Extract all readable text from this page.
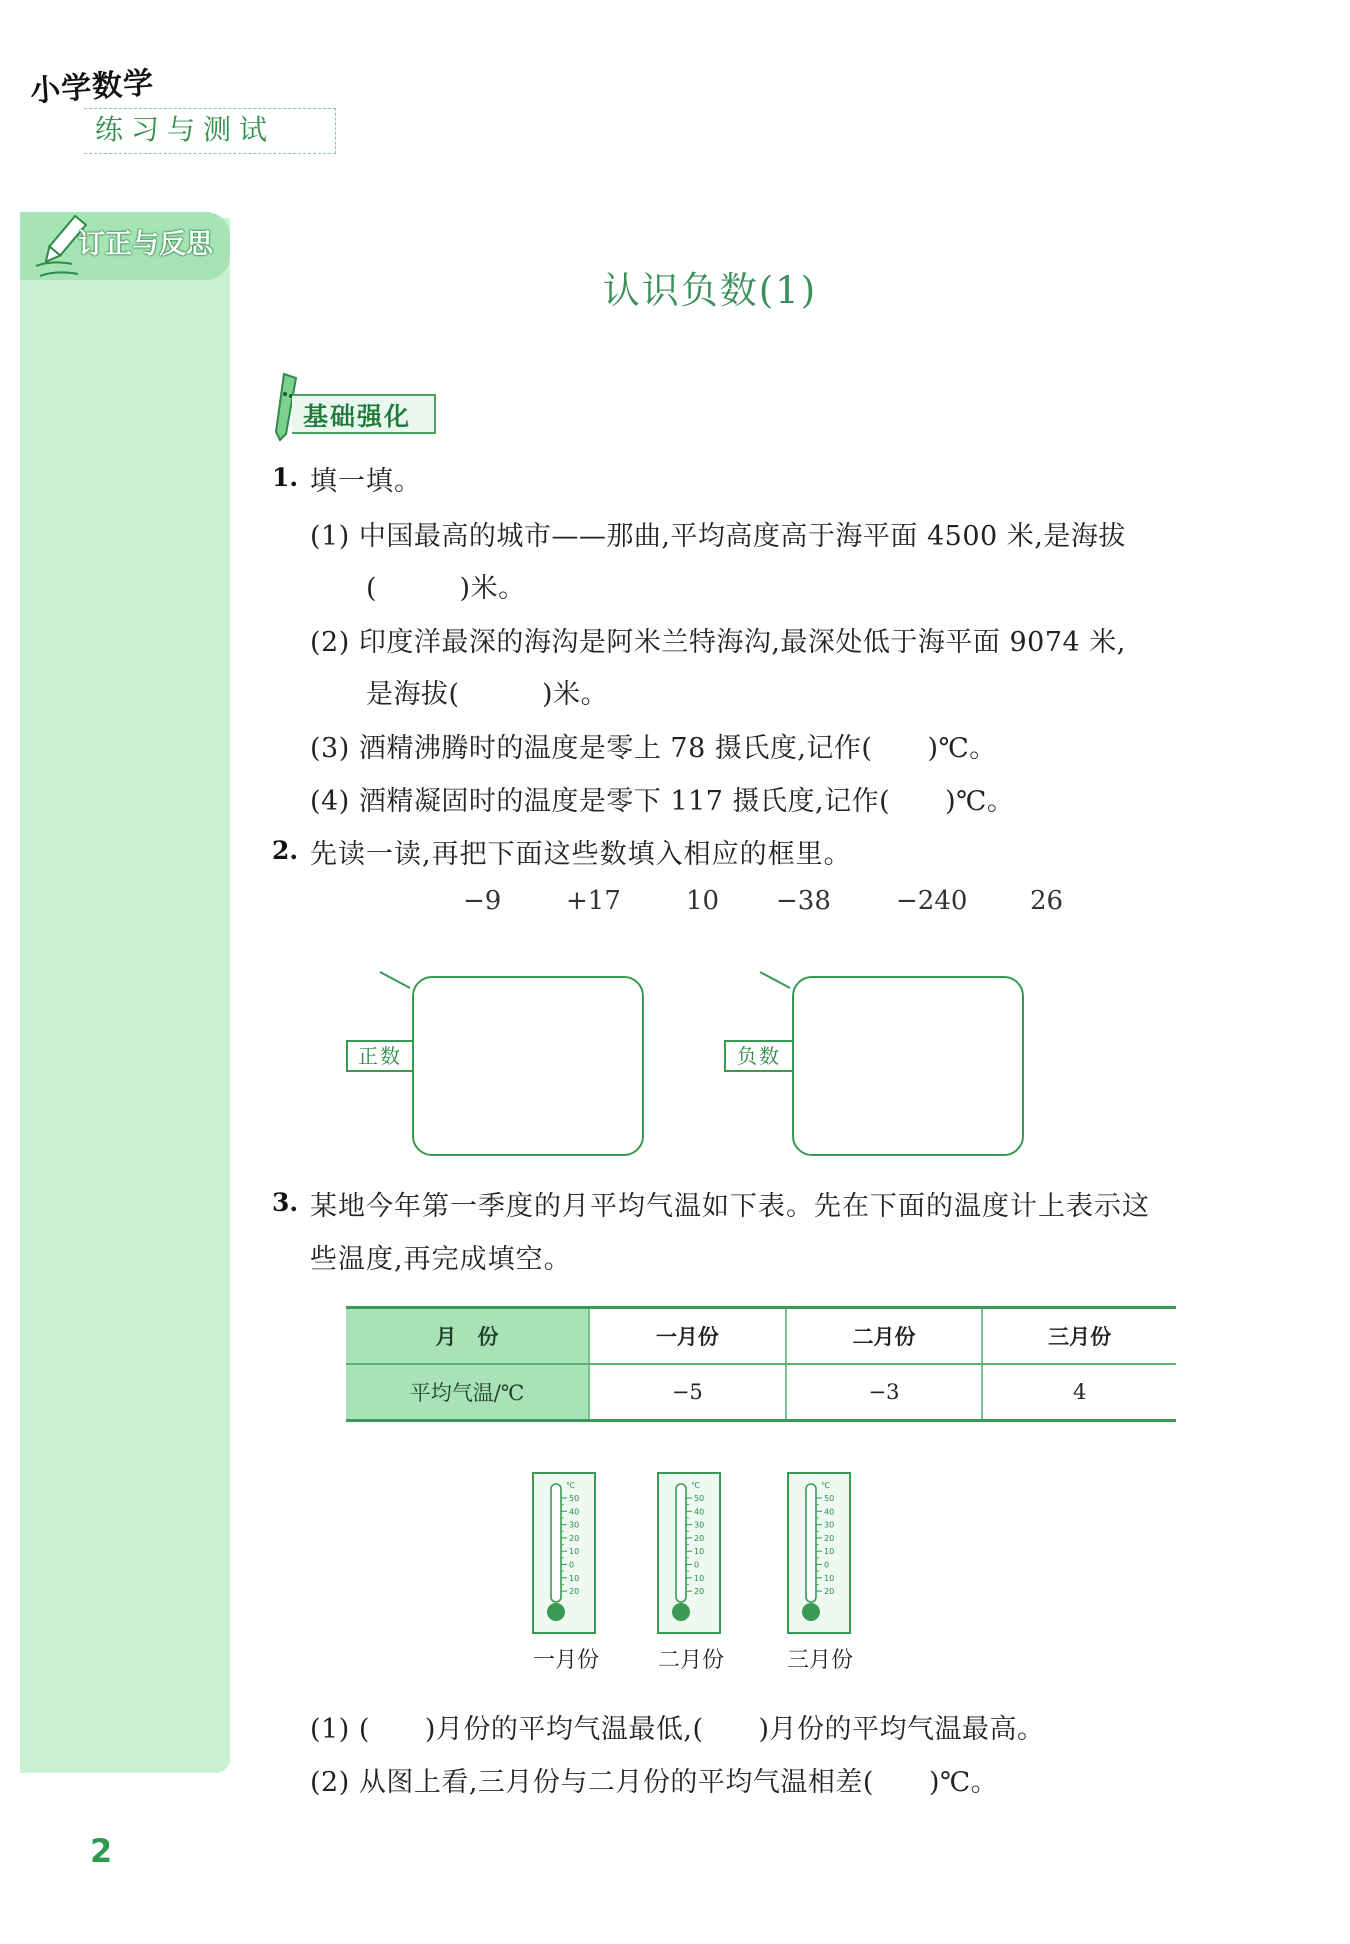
小学数学
练习与测试
订正与反思
认识负数(1)
基础强化
1. 填一填。
(1) 中国最高的城市——那曲,平均高度高于海平面 4500 米,是海拔
(　　　)米。
(2) 印度洋最深的海沟是阿米兰特海沟,最深处低于海平面 9074 米,
是海拔(　　　)米。
(3) 酒精沸腾时的温度是零上 78 摄氏度,记作(　　)℃。
(4) 酒精凝固时的温度是零下 117 摄氏度,记作(　　)℃。
2. 先读一读,再把下面这些数填入相应的框里。
−9 +17	10 −38	−240 26
正数	负数
3. 某地今年第一季度的月平均气温如下表。先在下面的温度计上表示这
些温度,再完成填空。
月　份	一月份	二月份	三月份
平均气温/℃	−5	−3	4
℃
50
40
30
20
10
0
10
20
℃
50
40
30
20
10
0
10
20
℃
50
40
30
20
10
0
10
20
一月份	二月份	三月份
(1) (　　)月份的平均气温最低,(　　)月份的平均气温最高。
(2) 从图上看,三月份与二月份的平均气温相差(　　)℃。
2
